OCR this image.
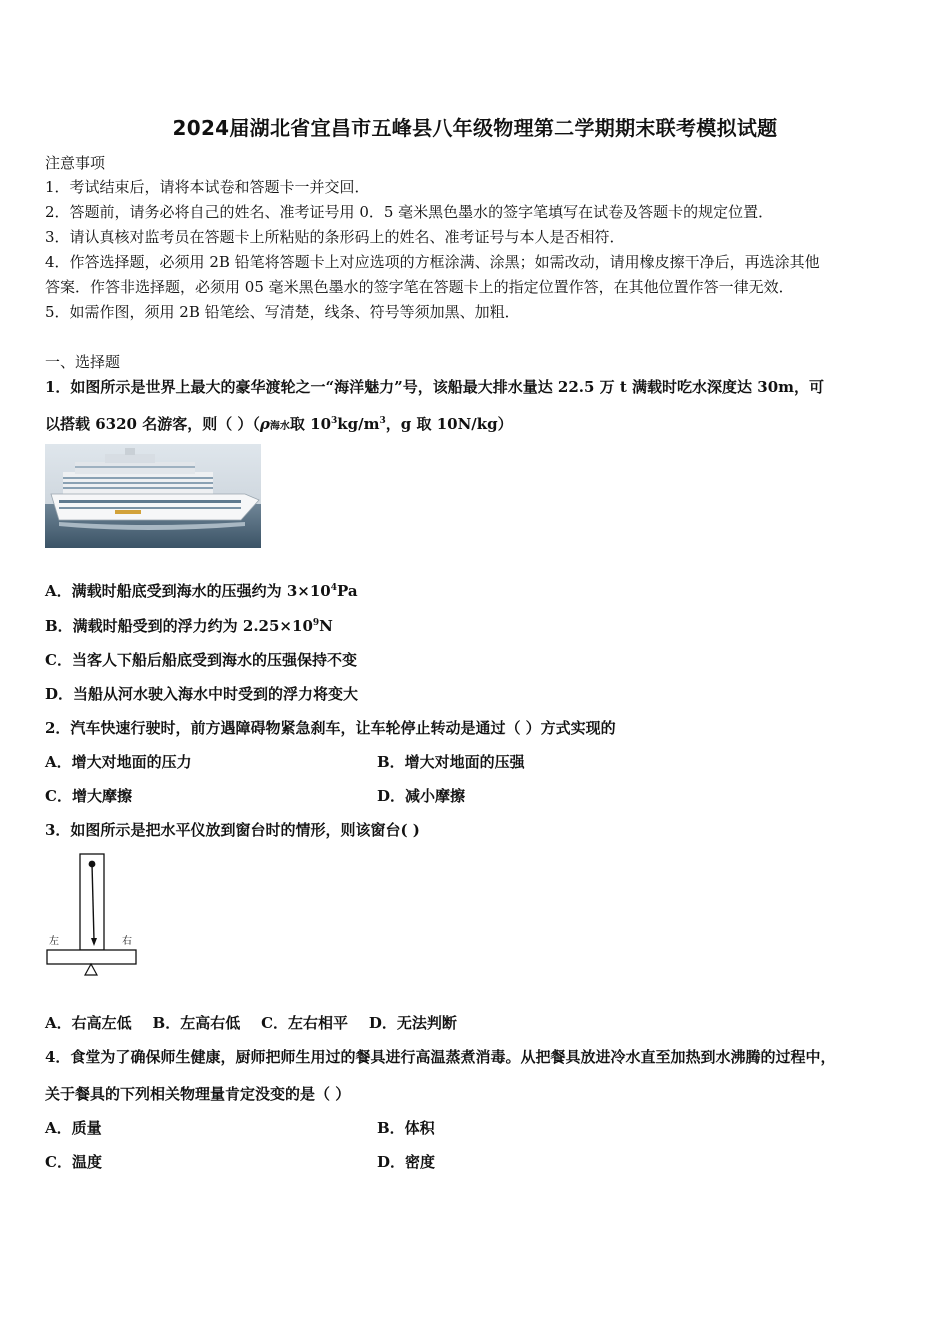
2024届湖北省宜昌市五峰县八年级物理第二学期期末联考模拟试题
注意事项
1．考试结束后，请将本试卷和答题卡一并交回．
2．答题前，请务必将自己的姓名、准考证号用 0．5 毫米黑色墨水的签字笔填写在试卷及答题卡的规定位置．
3．请认真核对监考员在答题卡上所粘贴的条形码上的姓名、准考证号与本人是否相符．
4．作答选择题，必须用 2B 铅笔将答题卡上对应选项的方框涂满、涂黑；如需改动，请用橡皮擦干净后，再选涂其他
答案．作答非选择题，必须用 05 毫米黑色墨水的签字笔在答题卡上的指定位置作答，在其他位置作答一律无效．
5．如需作图，须用 2B 铅笔绘、写清楚，线条、符号等须加黑、加粗．
一、选择题
1．如图所示是世界上最大的豪华渡轮之一“海洋魅力”号，该船最大排水量达 22.5 万 t 满载时吃水深度达 30m，可
以搭载 6320 名游客，则（ ）（ρ海水取 $10^3kg/m^3$，g 取 10N/kg）
A．满载时船底受到海水的压强约为 $3\times 10^4Pa$
B．满载时船受到的浮力约为 $2.25\times 10^9N$
C．当客人下船后船底受到海水的压强保持不变
D．当船从河水驶入海水中时受到的浮力将变大
2．汽车快速行驶时，前方遇障碍物紧急刹车，让车轮停止转动是通过（ ）方式实现的
A．增大对地面的压力	B．增大对地面的压强
C．增大摩擦	D．减小摩擦
3．如图所示是把水平仪放到窗台时的情形，则该窗台( )
左	右
A．右高左低    B．左高右低    C．左右相平    D．无法判断
4．食堂为了确保师生健康，厨师把师生用过的餐具进行高温蒸煮消毒。从把餐具放进冷水直至加热到水沸腾的过程中，
关于餐具的下列相关物理量肯定没变的是（ ）
A．质量	B．体积
C．温度	D．密度
